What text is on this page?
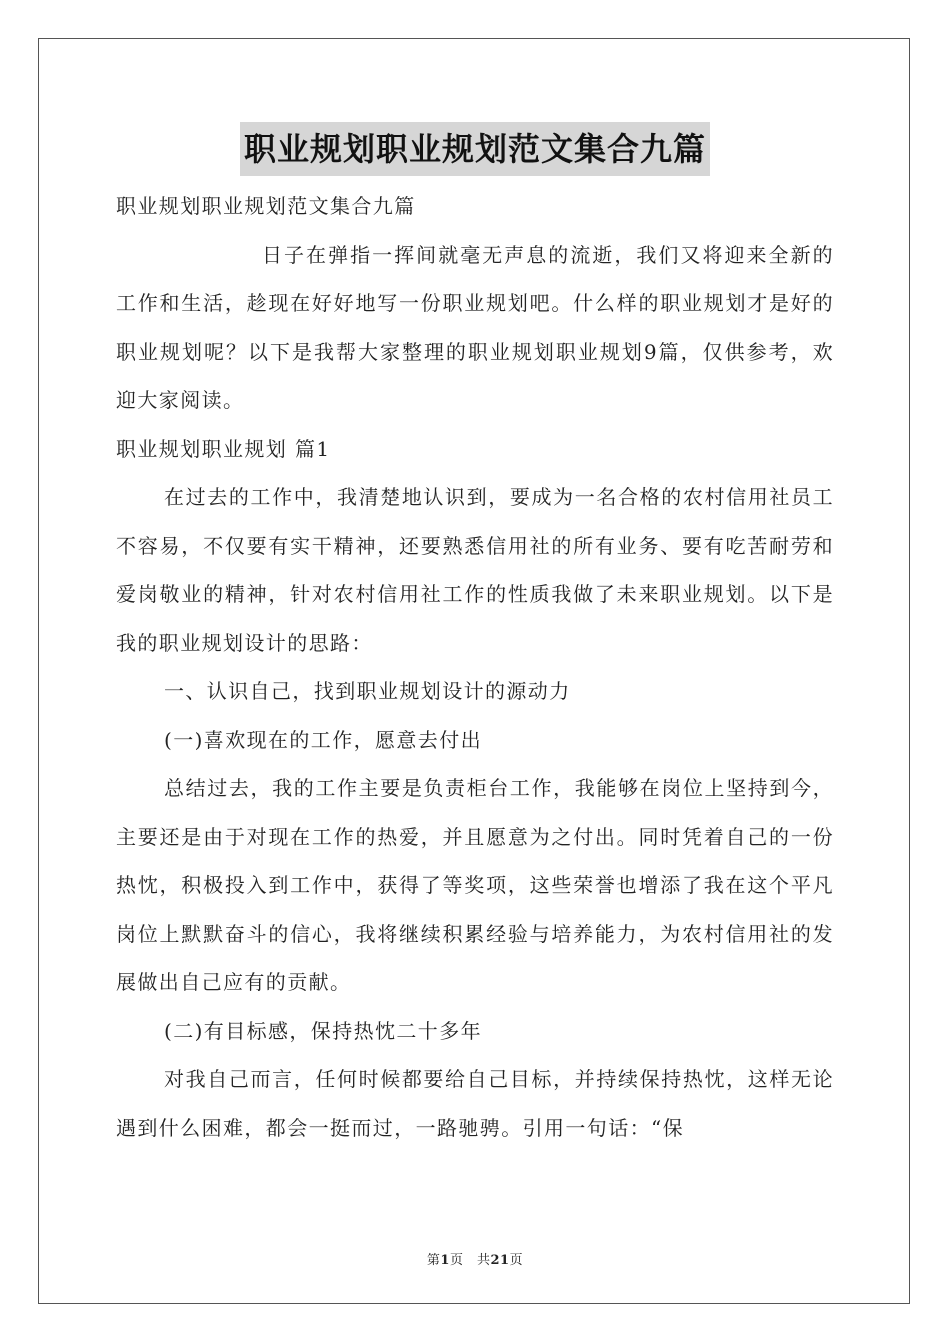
职业规划职业规划范文集合九篇

职业规划职业规划范文集合九篇

日子在弹指一挥间就毫无声息的流逝，我们又将迎来全新的工作和生活，趁现在好好地写一份职业规划吧。什么样的职业规划才是好的职业规划呢？以下是我帮大家整理的职业规划职业规划9篇，仅供参考，欢迎大家阅读。

职业规划职业规划 篇1

在过去的工作中，我清楚地认识到，要成为一名合格的农村信用社员工不容易，不仅要有实干精神，还要熟悉信用社的所有业务、要有吃苦耐劳和爱岗敬业的精神，针对农村信用社工作的性质我做了未来职业规划。以下是我的职业规划设计的思路：

一、认识自己，找到职业规划设计的源动力

(一)喜欢现在的工作，愿意去付出

总结过去，我的工作主要是负责柜台工作，我能够在岗位上坚持到今，主要还是由于对现在工作的热爱，并且愿意为之付出。同时凭着自己的一份热忱，积极投入到工作中，获得了等奖项，这些荣誉也增添了我在这个平凡岗位上默默奋斗的信心，我将继续积累经验与培养能力，为农村信用社的发展做出自己应有的贡献。

(二)有目标感，保持热忱二十多年

对我自己而言，任何时候都要给自己目标，并持续保持热忱，这样无论遇到什么困难，都会一挺而过，一路驰骋。引用一句话：“保

第1页　共21页
